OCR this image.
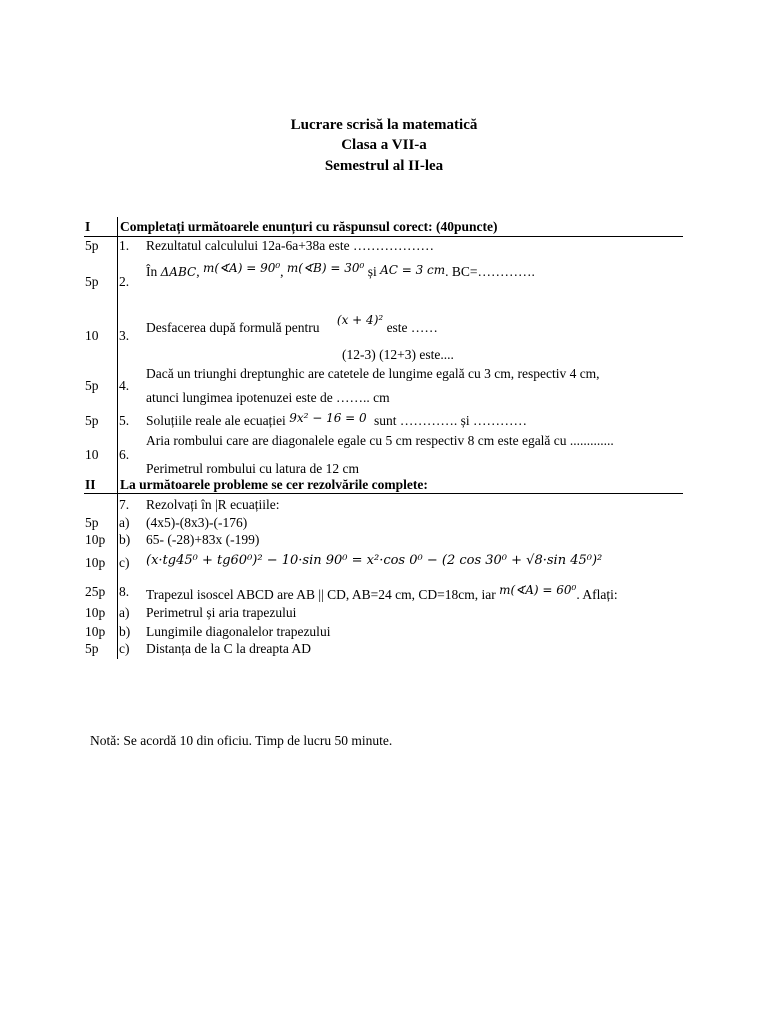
Lucrare scrisă la matematică
Clasa a VII-a
Semestrul al II-lea
I Completați următoarele enunțuri cu răspunsul corect: (40puncte)
5p 1. Rezultatul calculului 12a-6a+38a este ………………
5p 2.
În ΔABC, m(∢A) = 90⁰, m(∢B) = 30⁰ și AC = 3 cm. BC=………….
10 3.
Desfacerea după formulă pentru (x + 4)² este ……
(12-3) (12+3) este....
5p 4.
Dacă un triunghi dreptunghic are catetele de lungime egală cu 3 cm, respectiv 4 cm,
atunci lungimea ipotenuzei este de …….. cm
5p 5. Soluțiile reale ale ecuației 9x² − 16 = 0 sunt …………. și …………
10 6.
Aria rombului care are diagonalele egale cu 5 cm respectiv 8 cm este egală cu .............
Perimetrul rombului cu latura de 12 cm
II La următoarele probleme se cer rezolvările complete:
7. Rezolvați în |R ecuațiile:
5p a) (4x5)-(8x3)-(-176)
10p b) 65- (-28)+83x (-199)
10p c) (x·tg45⁰ + tg60⁰)² − 10·sin 90⁰ = x²·cos 0⁰ − (2 cos 30⁰ + √8·sin 45⁰)²
25p 8. Trapezul isoscel ABCD are AB || CD, AB=24 cm, CD=18cm, iar m(∢A) = 60⁰. Aflați:
10p a) Perimetrul și aria trapezului
10p b) Lungimile diagonalelor trapezului
5p c) Distanța de la C la dreapta AD
Notă: Se acordă 10 din oficiu. Timp de lucru 50 minute.
